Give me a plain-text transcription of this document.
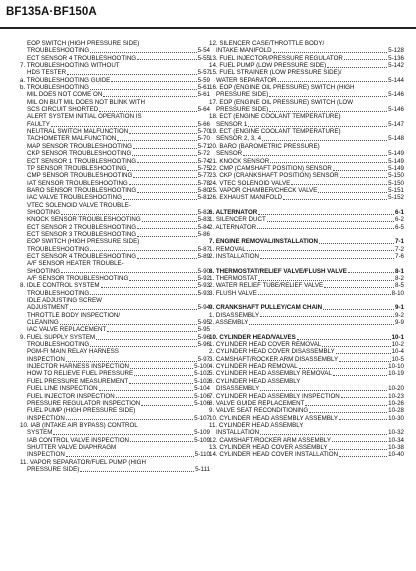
BF135A·BF150A
EOP SWITCH (HIGH PRESSURE SIDE)
TROUBLESHOOTING	5-54
ECT SENSOR 4 TROUBLESHOOTING	5-55
7. TROUBLESHOOTING WITHOUT
HDS TESTER	5-57
a. TROUBLESHOOTING GUIDE	5-59
b. TROUBLESHOOTING	5-61
MIL DOES NOT COME ON	5-61
MIL ON BUT MIL DOES NOT BLINK WITH
SCS CIRCUIT SHORTED	5-64
ALERT SYSTEM INITIAL OPERATION IS
FAULTY	5-66
NEUTRAL SWITCH MALFUNCTION	5-70
TACHOMETER MALFUNCTION	5-70
MAP SENSOR TROUBLESHOOTING	5-71
CKP SENSOR TROUBLESHOOTING	5-72
ECT SENSOR 1 TROUBLESHOOTING	5-74
TP SENSOR TROUBLESHOOTING	5-75
CMP SENSOR TROUBLESHOOTING	5-77
IAT SENSOR TROUBLESHOOTING	5-78
BARO SENSOR TROUBLESHOOTING	5-80
IAC VALVE TROUBLESHOOTING	5-81
VTEC SOLENOID VALVE TROUBLE-
SHOOTING	5-82
KNOCK SENSOR TROUBLESHOOTING	5-83
ECT SENSOR 2 TROUBLESHOOTING	5-84
ECT SENSOR 3 TROUBLESHOOTING	5-86
EOP SWITCH (HIGH PRESSURE SIDE)
TROUBLESHOOTING	5-87
ECT SENSOR 4 TROUBLESHOOTING	5-89
A/F SENSOR HEATER TROUBLE-
SHOOTING	5-90
A/F SENSOR TROUBLESHOOTING	5-92
8. IDLE CONTROL SYSTEM	5-93
TROUBLESHOOTING	5-93
IDLE ADJUSTING SCREW
ADJUSTMENT	5-94
THROTTLE BODY INSPECTION/
CLEANING	5-95
IAC VALVE REPLACEMENT	5-95
9. FUEL SUPPLY SYSTEM	5-96
TROUBLESHOOTING	5-96
PGM-FI MAIN RELAY HARNESS
INSPECTION	5-97
INJECTOR HARNESS INSPECTION	5-100
HOW TO RELIEVE FUEL PRESSURE	5-102
FUEL PRESSURE MEASUREMENT	5-102
FUEL LINE INSPECTION	5-104
FUEL INJECTOR INSPECTION	5-106
PRESSURE REGULATOR INSPECTION	5-106
FUEL PUMP (HIGH PRESSURE SIDE)
INSPECTION	5-107
10. IAB (INTAKE AIR BYPASS) CONTROL
SYSTEM	5-109
IAB CONTROL VALVE INSPECTION	5-109
SHUTTER VALVE DIAPHRAGM
INSPECTION	5-110
11. VAPOR SEPARATOR/FUEL PUMP (HIGH
PRESSURE SIDE)	5-111
12. SILENCER CASE/THROTTLE BODY/
INTAKE MANIFOLD	5-128
13. FUEL INJECTOR/PRESSURE REGULATOR	5-136
14. FUEL PUMP (LOW PRESSURE SIDE)	5-142
15. FUEL STRAINER (LOW PRESSURE SIDE)/
WATER SEPARATOR	5-144
16. EOP (ENGINE OIL PRESSURE) SWITCH (HIGH
PRESSURE SIDE)	5-146
17. EOP (ENGINE OIL PRESSURE) SWITCH (LOW
PRESSURE SIDE)	5-146
18. ECT (ENGINE COOLANT TEMPERATURE)
SENSOR 1	5-147
19. ECT (ENGINE COOLANT TEMPERATURE)
SENSOR 2, 3, 4	5-148
20. BARO (BAROMETRIC PRESSURE)
SENSOR	5-149
21. KNOCK SENSOR	5-149
22. CMP (CAMSHAFT POSITION) SENSOR	5-149
23. CKP (CRANKSHAFT POSITION) SENSOR	5-150
24. VTEC SOLENOID VALVE	5-150
25. VAPOR CHAMBER/CHECK VALVE	5-151
26. EXHAUST MANIFOLD	5-152
6. ALTERNATOR	6-1
1. SILENCER DUCT	6-2
2. ALTERNATOR	6-5
7. ENGINE REMOVAL/INSTALLATION	7-1
1. REMOVAL	7-2
2. INSTALLATION	7-6
8. THERMOSTAT/RELIEF VALVE/FLUSH VALVE	8-1
1. THERMOSTAT	8-2
2. WATER RELIEF TUBE/RELIEF VALVE	8-5
3. FLUSH VALVE	8-10
9. CRANKSHAFT PULLEY/CAM CHAIN	9-1
1. DISASSEMBLY	9-2
2. ASSEMBLY	9-9
10. CYLINDER HEAD/VALVES	10-1
1. CYLINDER HEAD COVER REMOVAL	10-2
2. CYLINDER HEAD COVER DISASSEMBLY	10-4
3. CAMSHAFT/ROCKER ARM DISASSEMBLY	10-5
4. CYLINDER HEAD REMOVAL	10-10
5. CYLINDER HEAD ASSEMBLY REMOVAL	10-19
6. CYLINDER HEAD ASSEMBLY
DISASSEMBLY	10-20
7. CYLINDER HEAD ASSEMBLY INSPECTION	10-23
8. VALVE GUIDE REPLACEMENT	10-26
9. VALVE SEAT RECONDITIONING	10-28
10. CYLINDER HEAD ASSEMBLY ASSEMBLY	10-30
11. CYLINDER HEAD ASSEMBLY
INSTALLATION	10-32
12. CAMSHAFT/ROCKER ARM ASSEMBLY	10-34
13. CYLINDER HEAD COVER ASSEMBLY	10-38
14. CYLINDER HEAD COVER INSTALLATION	10-40
